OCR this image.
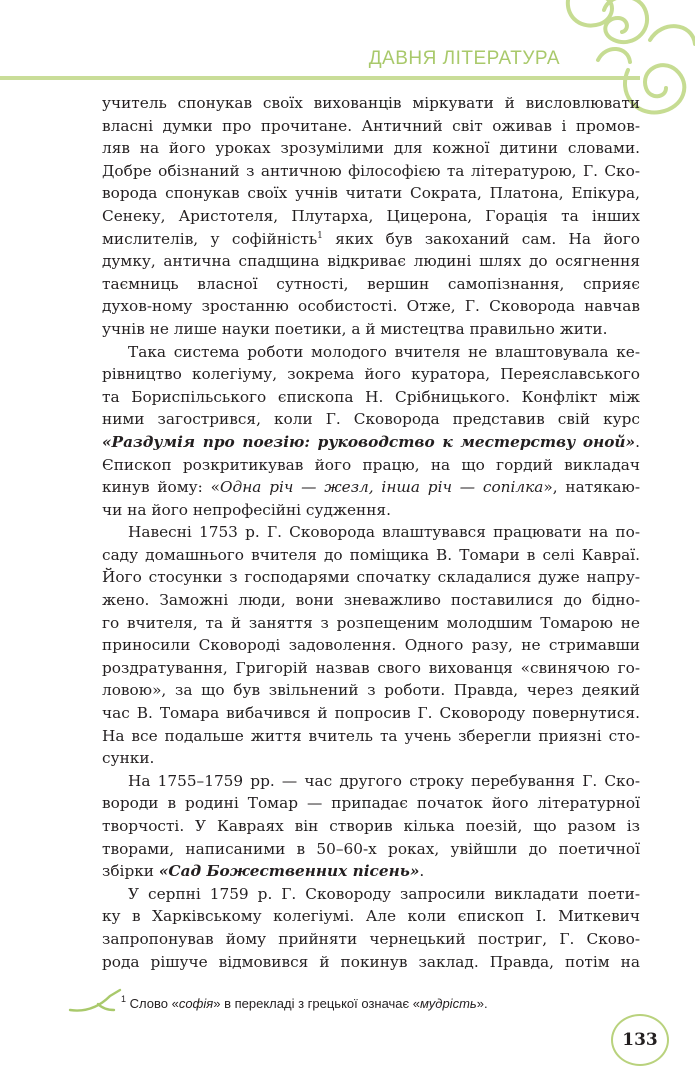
ДАВНЯ ЛІТЕРАТУРА
учитель спонукав своїх вихованців міркувати й висловлювати
власні думки про прочитане. Античний світ оживав і промов-
ляв на його уроках зрозумілими для кожної дитини словами.
Добре обізнаний з античною філософією та літературою, Г. Ско-
ворода спонукав своїх учнів читати Сократа, Платона, Епікура,
Сенеку, Аристотеля, Плутарха, Цицерона, Горація та інших
мислителів, у софійність$^1$ яких був закоханий сам. На його
думку, антична спадщина відкриває людині шлях до осягнення
таємниць власної сутності, вершин самопізнання, сприяє
духов-ному зростанню особистості. Отже, Г. Сковорода навчав
учнів не лише науки поетики, а й мистецтва правильно жити.
Така система роботи молодого вчителя не влаштовувала ке-
рівництво колегіуму, зокрема його куратора, Переяславського
та Бориспільського єпископа Н. Срібницького. Конфлікт між
ними загострився, коли Г. Сковорода представив свій курс
«Раздумія про поезію: руководство к местерству оной».
Єпископ розкритикував його працю, на що гордий викладач
кинув йому: «Одна річ — жезл, інша річ — сопілка», натякаю-
чи на його непрофесійні судження.
Навесні 1753 р. Г. Сковорода влаштувався працювати на по-
саду домашнього вчителя до поміщика В. Томари в селі Кавраї.
Його стосунки з господарями спочатку складалися дуже напру-
жено. Заможні люди, вони зневажливо поставилися до бідно-
го вчителя, та й заняття з розпещеним молодшим Томарою не
приносили Сковороді задоволення. Одного разу, не стримавши
роздратування, Григорій назвав свого вихованця «свинячою го-
ловою», за що був звільнений з роботи. Правда, через деякий
час В. Томара вибачився й попросив Г. Сковороду повернутися.
На все подальше життя вчитель та учень зберегли приязні сто-
сунки.
На 1755–1759 рр. — час другого строку перебування Г. Ско-
вороди в родині Томар — припадає початок його літературної
творчості. У Кавраях він створив кілька поезій, що разом із
творами, написаними в 50–60-х роках, увійшли до поетичної
збірки «Сад Божественних пісень».
У серпні 1759 р. Г. Сковороду запросили викладати поети-
ку в Харківському колегіумі. Але коли єпископ І. Миткевич
запропонував йому прийняти чернецький постриг, Г. Сково-
рода рішуче відмовився й покинув заклад. Правда, потім на
$^1$ Слово «софія» в перекладі з грецької означає «мудрість».
133
